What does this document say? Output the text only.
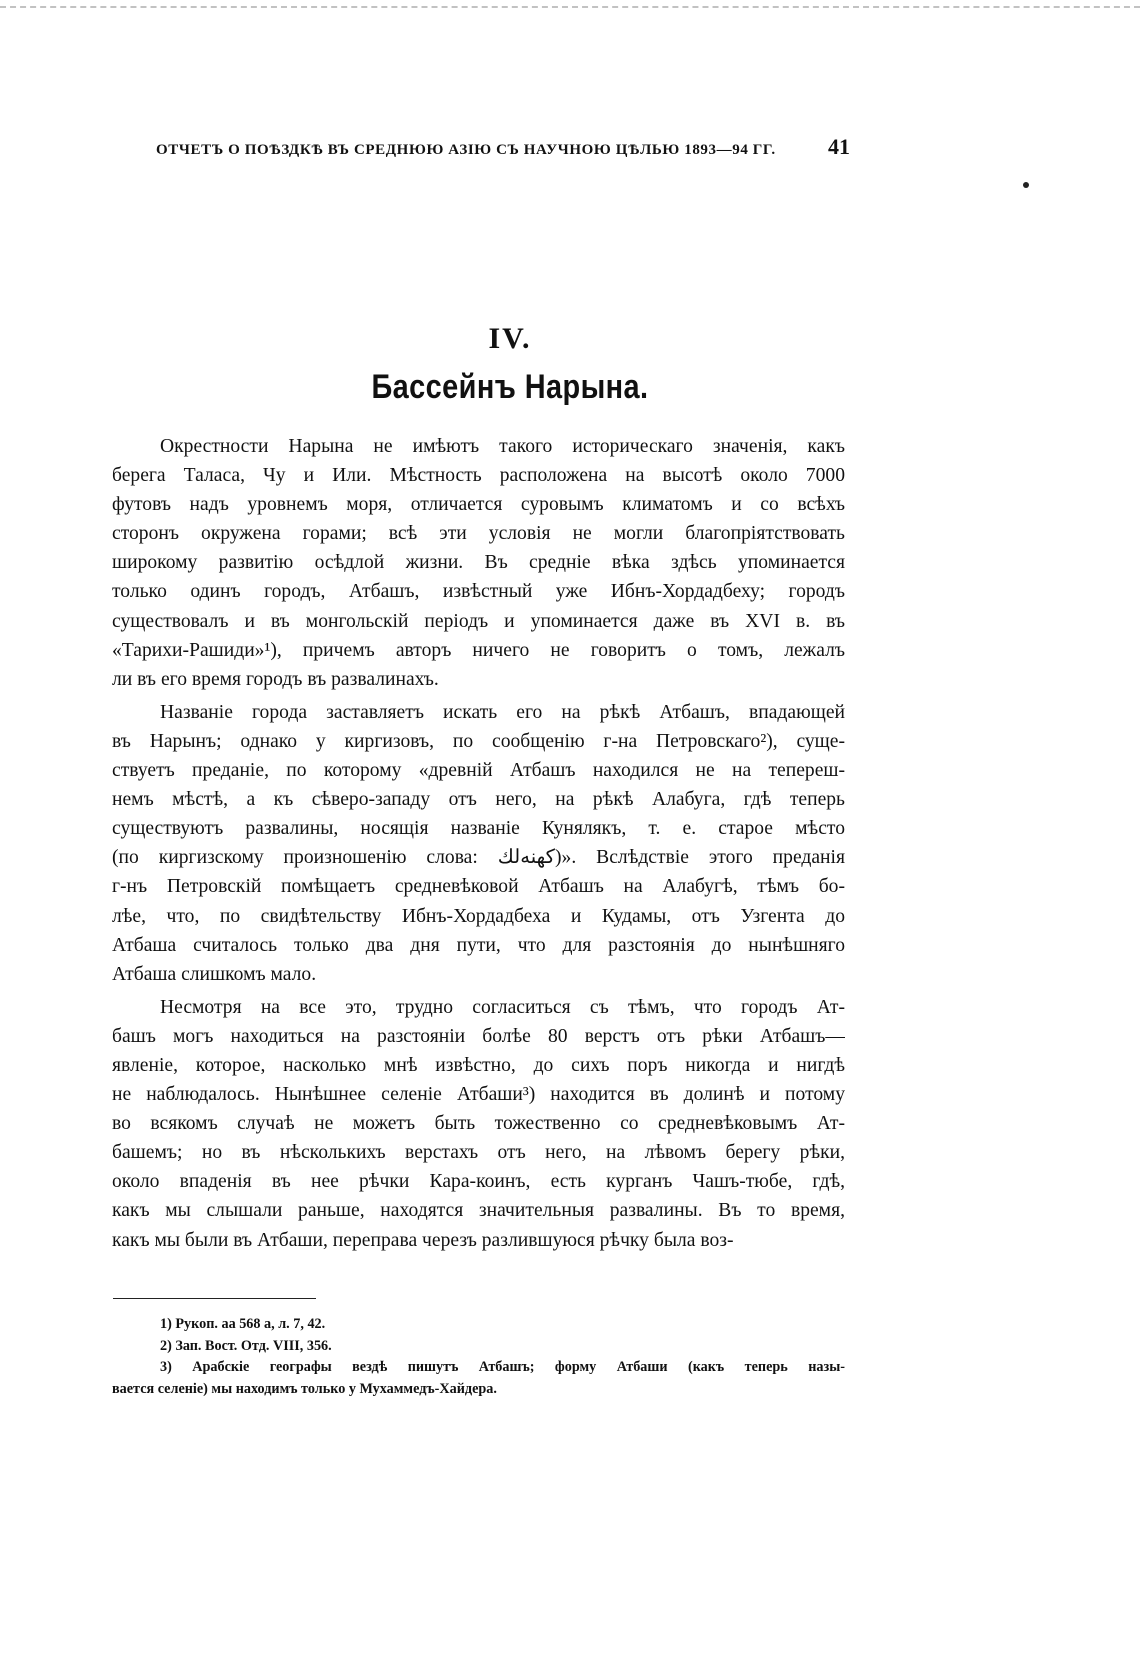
ОТЧЕТЪ О ПОѢЗДКѢ ВЪ СРЕДНЮЮ АЗІЮ СЪ НАУЧНОЮ ЦѢЛЬЮ 1893—94 ГГ. 41
IV.
Бассейнъ Нарына.
Окрестности Нарына не имѣютъ такого историческаго значенія, какъ
берега Таласа, Чу и Или. Мѣстность расположена на высотѣ около 7000
футовъ надъ уровнемъ моря, отличается суровымъ климатомъ и со всѣхъ
сторонъ окружена горами; всѣ эти условія не могли благопріятствовать
широкому развитію осѣдлой жизни. Въ средніе вѣка здѣсь упоминается
только одинъ городъ, Атбашъ, извѣстный уже Ибнъ-Хордадбеху; городъ
существовалъ и въ монгольскій періодъ и упоминается даже въ XVI в. въ
«Тарихи-Рашиди»¹), причемъ авторъ ничего не говоритъ о томъ, лежалъ
ли въ его время городъ въ развалинахъ.
Названіе города заставляетъ искать его на рѣкѣ Атбашъ, впадающей
въ Нарынъ; однако у киргизовъ, по сообщенію г-на Петровскаго²), суще-
ствуетъ преданіе, по которому «древній Атбашъ находился не на тепереш-
немъ мѣстѣ, а къ сѣверо-западу отъ него, на рѣкѣ Алабуга, гдѣ теперь
существуютъ развалины, носящія названіе Кунялякъ, т. е. старое мѣсто
(по киргизскому произношенію слова: كهنه‌لك)». Вслѣдствіе этого преданія
г-нъ Петровскій помѣщаетъ средневѣковой Атбашъ на Алабугѣ, тѣмъ бо-
лѣе, что, по свидѣтельству Ибнъ-Хордадбеха и Кудамы, отъ Узгента до
Атбаша считалось только два дня пути, что для разстоянія до нынѣшняго
Атбаша слишкомъ мало.
Несмотря на все это, трудно согласиться съ тѣмъ, что городъ Ат-
башъ могъ находиться на разстояніи болѣе 80 верстъ отъ рѣки Атбашъ—
явленіе, которое, насколько мнѣ извѣстно, до сихъ поръ никогда и нигдѣ
не наблюдалось. Нынѣшнее селеніе Атбаши³) находится въ долинѣ и потому
во всякомъ случаѣ не можетъ быть тожественно со средневѣковымъ Ат-
башемъ; но въ нѣсколькихъ верстахъ отъ него, на лѣвомъ берегу рѣки,
около впаденія въ нее рѣчки Кара-коинъ, есть курганъ Чашъ-тюбе, гдѣ,
какъ мы слышали раньше, находятся значительныя развалины. Въ то время,
какъ мы были въ Атбаши, переправа черезъ разлившуюся рѣчку была воз-
1) Рукоп. аа 568 а, л. 7, 42.
2) Зап. Вост. Отд. VIII, 356.
3) Арабскіе географы вездѣ пишутъ Атбашъ; форму Атбаши (какъ теперь назы-
вается селеніе) мы находимъ только у Мухаммедъ-Хайдера.
